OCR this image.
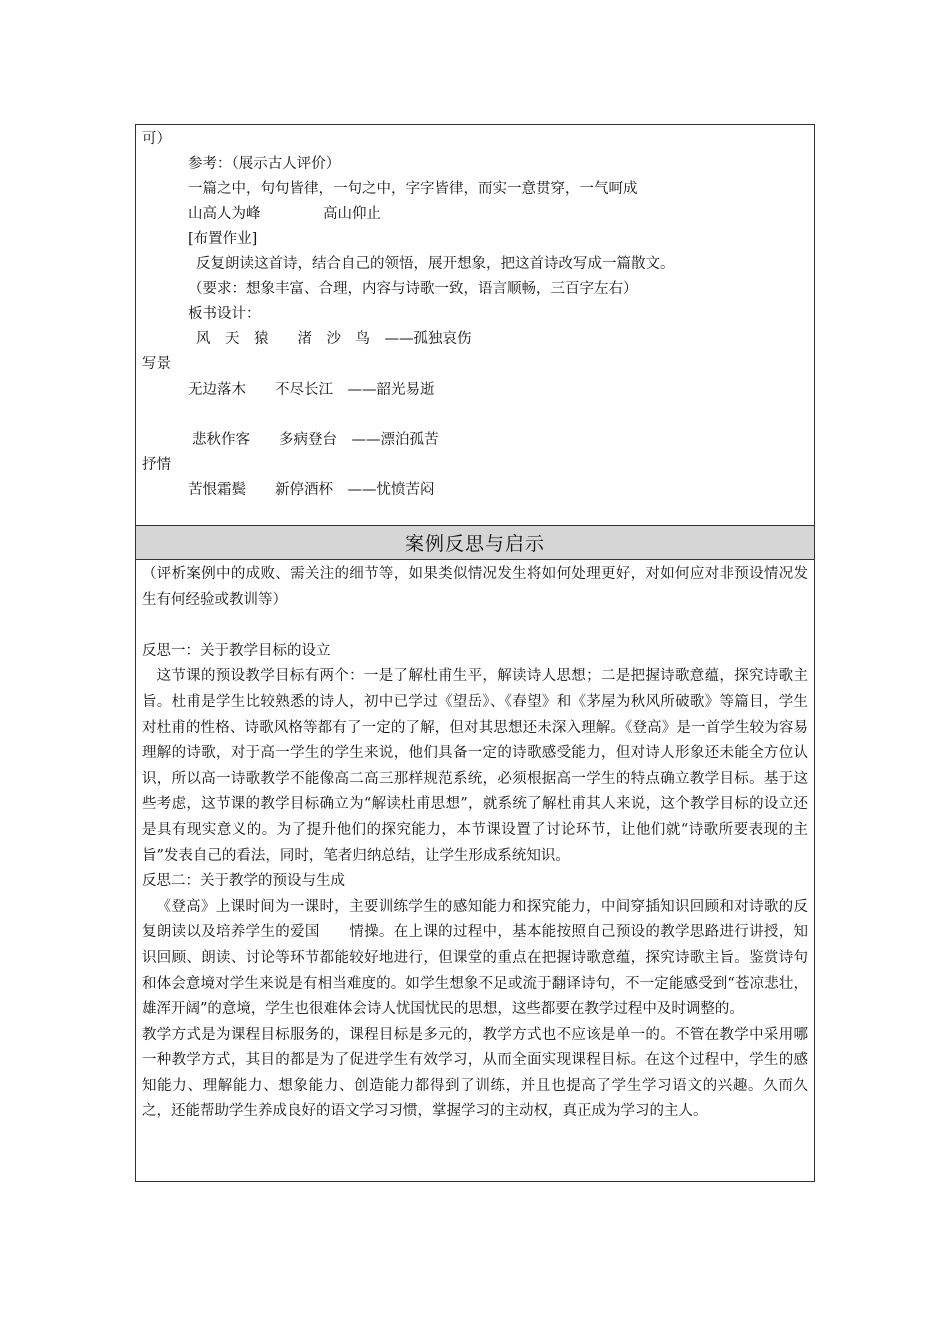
可）
参考：（展示古人评价）
一篇之中，句句皆律，一句之中，字字皆律，而实一意贯穿，一气呵成
山高人为峰	高山仰止
[布置作业]
反复朗读这首诗，结合自己的领悟，展开想象，把这首诗改写成一篇散文。
（要求：想象丰富、合理，内容与诗歌一致，语言顺畅，三百字左右）
板书设计：
风　天　猿　　渚　沙　鸟　——孤独哀伤
写景
无边落木　　不尽长江　——韶光易逝
悲秋作客　　多病登台　——漂泊孤苦
抒情
苦恨霜鬓　　新停酒杯　——忧愤苦闷
案例反思与启示

（评析案例中的成败、需关注的细节等，如果类似情况发生将如何处理更好，对如何应对非预设情况发生有何经验或教训等）

反思一：关于教学目标的设立

这节课的预设教学目标有两个：一是了解杜甫生平，解读诗人思想；二是把握诗歌意蕴，探究诗歌主旨。杜甫是学生比较熟悉的诗人，初中已学过《望岳》、《春望》和《茅屋为秋风所破歌》等篇目，学生对杜甫的性格、诗歌风格等都有了一定的了解，但对其思想还未深入理解。《登高》是一首学生较为容易理解的诗歌，对于高一学生的学生来说，他们具备一定的诗歌感受能力，但对诗人形象还未能全方位认识，所以高一诗歌教学不能像高二高三那样规范系统，必须根据高一学生的特点确立教学目标。基于这些考虑，这节课的教学目标确立为“解读杜甫思想”，就系统了解杜甫其人来说，这个教学目标的设立还是具有现实意义的。为了提升他们的探究能力，本节课设置了讨论环节，让他们就“诗歌所要表现的主旨”发表自己的看法，同时，笔者归纳总结，让学生形成系统知识。

反思二：关于教学的预设与生成

《登高》上课时间为一课时，主要训练学生的感知能力和探究能力，中间穿插知识回顾和对诗歌的反复朗读以及培养学生的爱国　　情操。在上课的过程中，基本能按照自己预设的教学思路进行讲授，知识回顾、朗读、讨论等环节都能较好地进行，但课堂的重点在把握诗歌意蕴，探究诗歌主旨。鉴赏诗句和体会意境对学生来说是有相当难度的。如学生想象不足或流于翻译诗句，不一定能感受到“苍凉悲壮，雄浑开阔”的意境，学生也很难体会诗人忧国忧民的思想，这些都要在教学过程中及时调整的。

教学方式是为课程目标服务的，课程目标是多元的，教学方式也不应该是单一的。不管在教学中采用哪一种教学方式，其目的都是为了促进学生有效学习，从而全面实现课程目标。在这个过程中，学生的感知能力、理解能力、想象能力、创造能力都得到了训练，并且也提高了学生学习语文的兴趣。久而久之，还能帮助学生养成良好的语文学习习惯，掌握学习的主动权，真正成为学习的主人。
